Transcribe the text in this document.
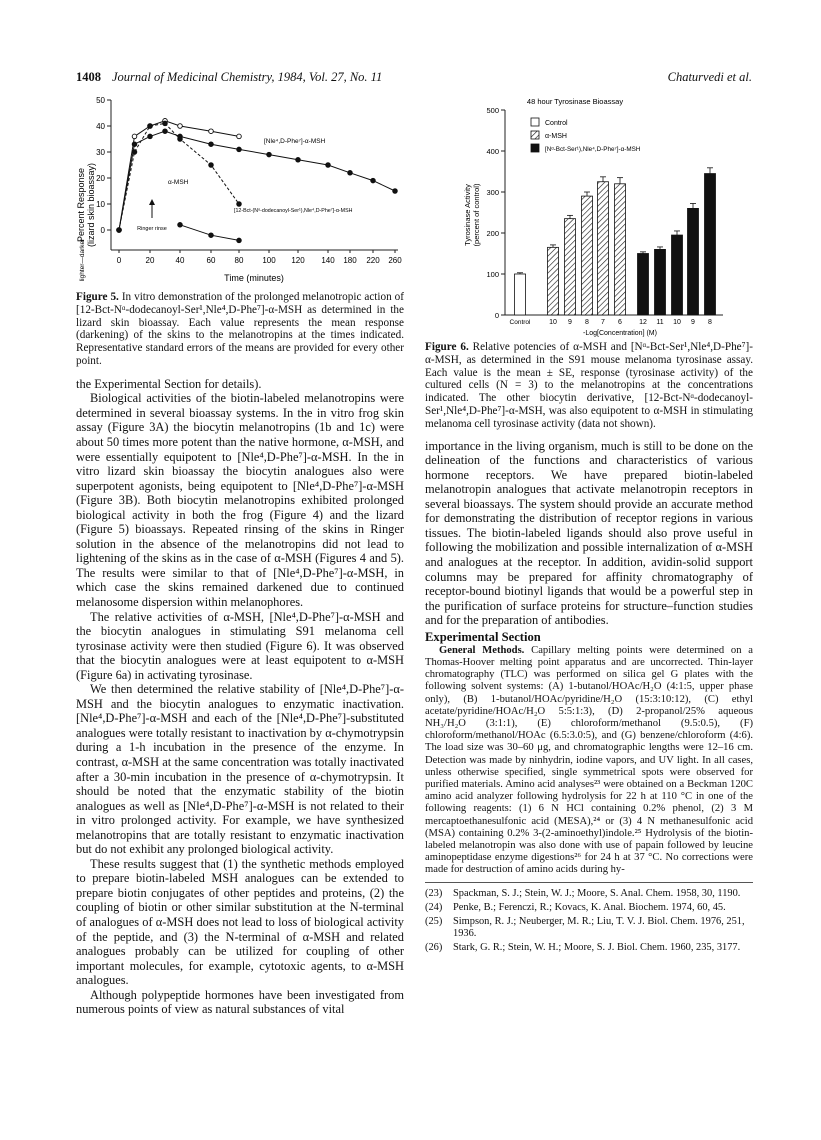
1408 Journal of Medicinal Chemistry, 1984, Vol. 27, No. 11	Chaturvedi et al.
50
40
30
20
10
0
0	20	40	60 80 100 120 140 180 220 260
Percent Response (lizard skin bioassay)
lighter—darker	Time (minutes)
[Nle⁴,D-Phe⁷]-α-MSH
α-MSH
[12-Bct-(Nᵅ-dodecanoyl-Ser¹),Nle⁴,D-Phe⁷]-α-MSH
Ringer rinse

Figure 5. In vitro demonstration of the prolonged melanotropic action of [12-Bct-Nᵅ-dodecanoyl-Ser¹,Nle⁴,D-Phe⁷]-α-MSH as determined in the lizard skin bioassay. Each value represents the mean response (darkening) of the skins to the melanotropins at the times indicated. Representative standard errors of the means are provided for every other point.

the Experimental Section for details).

Biological activities of the biotin-labeled melanotropins were determined in several bioassay systems. In the in vitro frog skin assay (Figure 3A) the biocytin melanotropins (1b and 1c) were about 50 times more potent than the native hormone, α-MSH, and were essentially equipotent to [Nle⁴,D-Phe⁷]-α-MSH. In the in vitro lizard skin bioassay the biocytin analogues also were superpotent agonists, being equipotent to [Nle⁴,D-Phe⁷]-α-MSH (Figure 3B). Both biocytin melanotropins exhibited prolonged biological activity in both the frog (Figure 4) and the lizard (Figure 5) bioassays. Repeated rinsing of the skins in Ringer solution in the absence of the melanotropins did not lead to lightening of the skins as in the case of α-MSH (Figures 4 and 5). The results were similar to that of [Nle⁴,D-Phe⁷]-α-MSH, in which case the skins remained darkened due to continued melanosome dispersion within melanophores.

The relative activities of α-MSH, [Nle⁴,D-Phe⁷]-α-MSH and the biocytin analogues in stimulating S91 melanoma cell tyrosinase activity were then studied (Figure 6). It was observed that the biocytin analogues were at least equipotent to α-MSH (Figure 6a) in activating tyrosinase.

We then determined the relative stability of [Nle⁴,D-Phe⁷]-α-MSH and the biocytin analogues to enzymatic inactivation. [Nle⁴,D-Phe⁷]-α-MSH and each of the [Nle⁴,D-Phe⁷]-substituted analogues were totally resistant to inactivation by α-chymotrypsin during a 1-h incubation in the presence of the enzyme. In contrast, α-MSH at the same concentration was totally inactivated after a 30-min incubation in the presence of α-chymotrypsin. It should be noted that the enzymatic stability of the biotin analogues as well as [Nle⁴,D-Phe⁷]-α-MSH is not related to their in vitro prolonged activity. For example, we have synthesized melanotropins that are totally resistant to enzymatic inactivation but do not exhibit any prolonged biological activity.

These results suggest that (1) the synthetic methods employed to prepare biotin-labeled MSH analogues can be extended to prepare biotin conjugates of other peptides and proteins, (2) the coupling of biotin or other similar substitution at the N-terminal of analogues of α-MSH does not lead to loss of biological activity of the peptide, and (3) the N-terminal of α-MSH and related analogues probably can be utilized for coupling of other important molecules, for example, cytotoxic agents, to α-MSH analogues.

Although polypeptide hormones have been investigated from numerous points of view as natural substances of vital

48 hour Tyrosinase Bioassay
500
400
300
200
100
0
Control	10 9 8 7 6 12 11 10 9 8
Control
α-MSH
[Nᵅ-Bct-Ser¹),Nle⁴,D-Phe⁷]-α-MSH
Tyrosinase Activity (percent of control)
-Log[Concentration] (M)

Figure 6. Relative potencies of α-MSH and [Nᵅ-Bct-Ser¹,Nle⁴,D-Phe⁷]-α-MSH, as determined in the S91 mouse melanoma tyrosinase assay. Each value is the mean ± SE, response (tyrosinase activity) of the cultured cells (N = 3) to the melanotropins at the concentrations indicated. The other biocytin derivative, [12-Bct-Nᵅ-dodecanoyl-Ser¹,Nle⁴,D-Phe⁷]-α-MSH, was also equipotent to α-MSH in stimulating melanoma cell tyrosinase activity (data not shown).

importance in the living organism, much is still to be done on the delineation of the functions and characteristics of various hormone receptors. We have prepared biotin-labeled melanotropin analogues that activate melanotropin receptors in several bioassays. The system should provide an accurate method for demonstrating the distribution of receptor regions in various tissues. The biotin-labeled ligands should also prove useful in following the mobilization and possible internalization of α-MSH and analogues at the receptor. In addition, avidin-solid support columns may be prepared for affinity chromatography of receptor-bound biotinyl ligands that would be a powerful step in the purification of surface proteins for structure–function studies and for the preparation of antibodies.

Experimental Section

General Methods. Capillary melting points were determined on a Thomas-Hoover melting point apparatus and are uncorrected. Thin-layer chromatography (TLC) was performed on silica gel G plates with the following solvent systems: (A) 1-butanol/HOAc/H₂O (4:1:5, upper phase only), (B) 1-butanol/HOAc/pyridine/H₂O (15:3:10:12), (C) ethyl acetate/pyridine/HOAc/H₂O 5:5:1:3), (D) 2-propanol/25% aqueous NH₃/H₂O (3:1:1), (E) chloroform/methanol (9.5:0.5), (F) chloroform/methanol/HOAc (6.5:3.0:5), and (G) benzene/chloroform (4:6). The load size was 30–60 μg, and chromatographic lengths were 12–16 cm. Detection was made by ninhydrin, iodine vapors, and UV light. In all cases, unless otherwise specified, single symmetrical spots were observed for purified materials. Amino acid analyses²³ were obtained on a Beckman 120C amino acid analyzer following hydrolysis for 22 h at 110 °C in one of the following reagents: (1) 6 N HCl containing 0.2% phenol, (2) 3 M mercaptoethanesulfonic acid (MESA),²⁴ or (3) 4 N methanesulfonic acid (MSA) containing 0.2% 3-(2-aminoethyl)indole.²⁵ Hydrolysis of the biotin-labeled melanotropin was also done with use of papain followed by leucine aminopeptidase enzyme digestions²⁶ for 24 h at 37 °C. No corrections were made for destruction of amino acids during hy-

(23)	Spackman, S. J.; Stein, W. J.; Moore, S. Anal. Chem. 1958, 30, 1190.
(24)	Penke, B.; Ferenczi, R.; Kovacs, K. Anal. Biochem. 1974, 60, 45.
(25)	Simpson, R. J.; Neuberger, M. R.; Liu, T. V. J. Biol. Chem. 1976, 251, 1936.
(26)	Stark, G. R.; Stein, W. H.; Moore, S. J. Biol. Chem. 1960, 235, 3177.
